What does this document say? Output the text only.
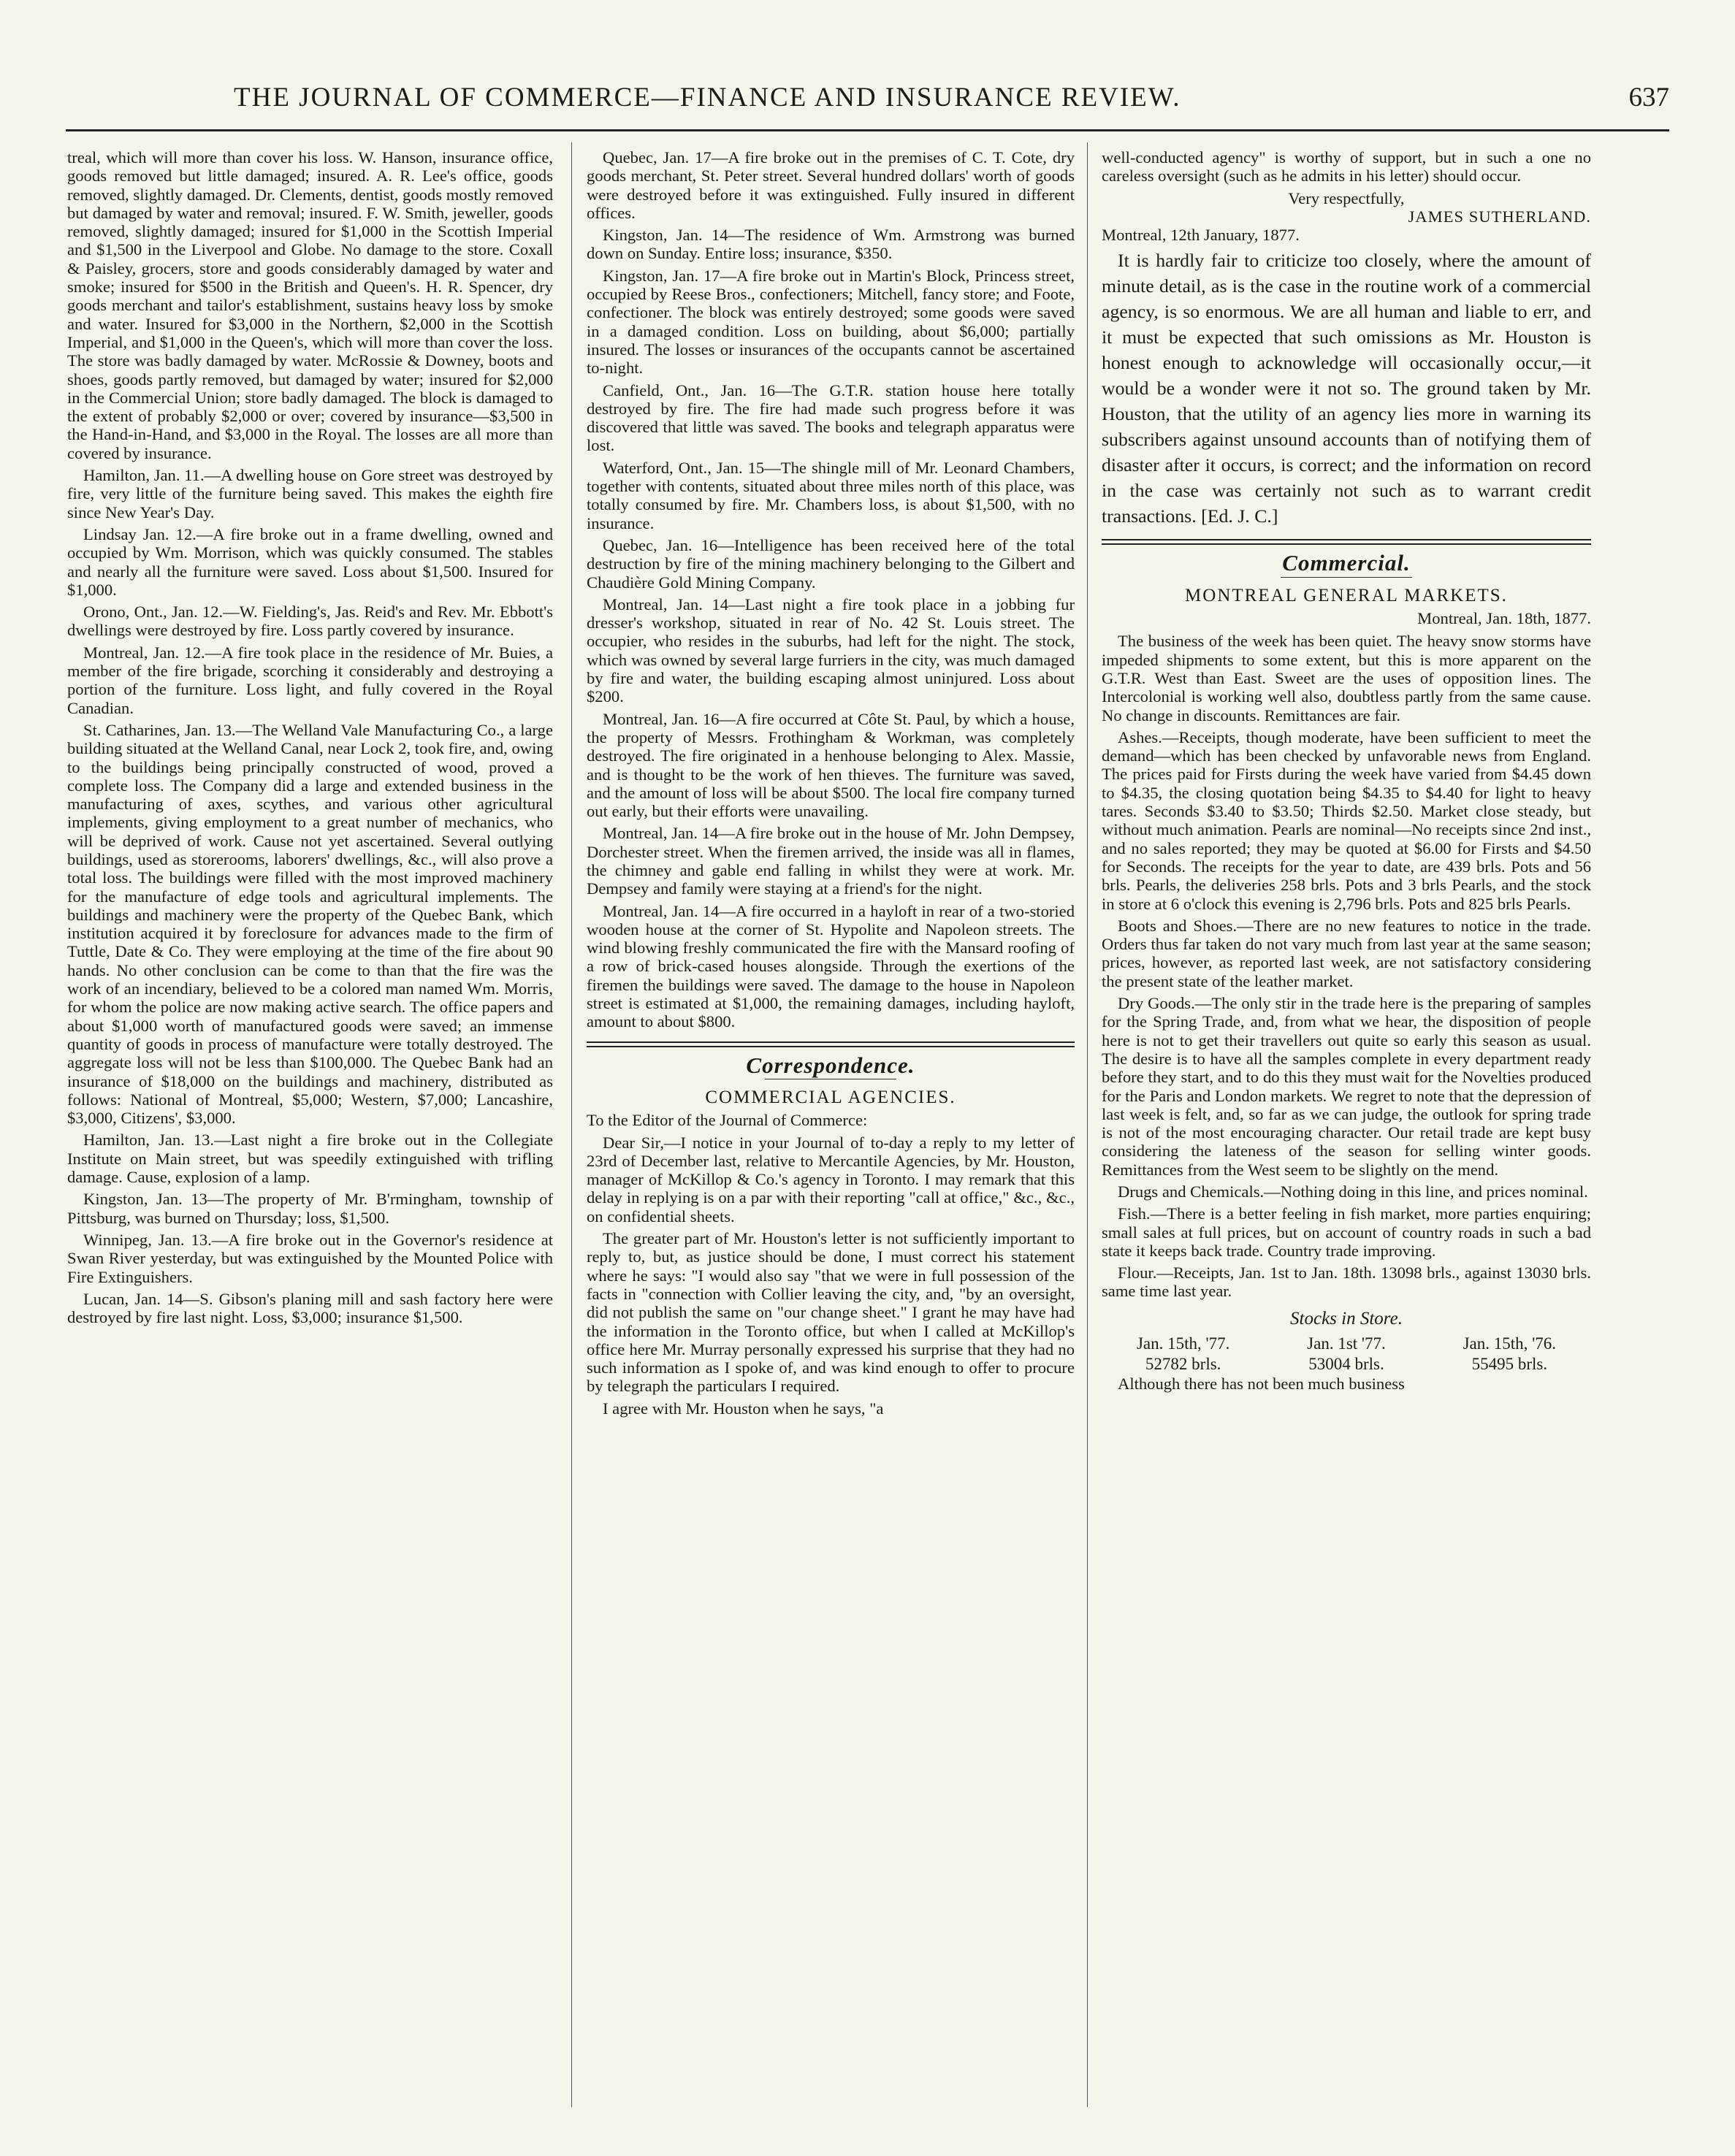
THE JOURNAL OF COMMERCE—FINANCE AND INSURANCE REVIEW.	637

treal, which will more than cover his loss. W. Hanson, insurance office, goods removed but little damaged; insured. A. R. Lee's office, goods removed, slightly damaged. Dr. Clements, dentist, goods mostly removed but damaged by water and removal; insured. F. W. Smith, jeweller, goods removed, slightly damaged; insured for $1,000 in the Scottish Imperial and $1,500 in the Liverpool and Globe. No damage to the store. Coxall & Paisley, grocers, store and goods considerably damaged by water and smoke; insured for $500 in the British and Queen's. H. R. Spencer, dry goods merchant and tailor's establishment, sustains heavy loss by smoke and water. Insured for $3,000 in the Northern, $2,000 in the Scottish Imperial, and $1,000 in the Queen's, which will more than cover the loss. The store was badly damaged by water. McRossie & Downey, boots and shoes, goods partly removed, but damaged by water; insured for $2,000 in the Commercial Union; store badly damaged. The block is damaged to the extent of probably $2,000 or over; covered by insurance—$3,500 in the Hand-in-Hand, and $3,000 in the Royal. The losses are all more than covered by insurance.

Hamilton, Jan. 11.—A dwelling house on Gore street was destroyed by fire, very little of the furniture being saved. This makes the eighth fire since New Year's Day.

Lindsay Jan. 12.—A fire broke out in a frame dwelling, owned and occupied by Wm. Morrison, which was quickly consumed. The stables and nearly all the furniture were saved. Loss about $1,500. Insured for $1,000.

Orono, Ont., Jan. 12.—W. Fielding's, Jas. Reid's and Rev. Mr. Ebbott's dwellings were destroyed by fire. Loss partly covered by insurance.

Montreal, Jan. 12.—A fire took place in the residence of Mr. Buies, a member of the fire brigade, scorching it considerably and destroying a portion of the furniture. Loss light, and fully covered in the Royal Canadian.

St. Catharines, Jan. 13.—The Welland Vale Manufacturing Co., a large building situated at the Welland Canal, near Lock 2, took fire, and, owing to the buildings being principally constructed of wood, proved a complete loss. The Company did a large and extended business in the manufacturing of axes, scythes, and various other agricultural implements, giving employment to a great number of mechanics, who will be deprived of work. Cause not yet ascertained. Several outlying buildings, used as storerooms, laborers' dwellings, &c., will also prove a total loss. The buildings were filled with the most improved machinery for the manufacture of edge tools and agricultural implements. The buildings and machinery were the property of the Quebec Bank, which institution acquired it by foreclosure for advances made to the firm of Tuttle, Date & Co. They were employing at the time of the fire about 90 hands. No other conclusion can be come to than that the fire was the work of an incendiary, believed to be a colored man named Wm. Morris, for whom the police are now making active search. The office papers and about $1,000 worth of manufactured goods were saved; an immense quantity of goods in process of manufacture were totally destroyed. The aggregate loss will not be less than $100,000. The Quebec Bank had an insurance of $18,000 on the buildings and machinery, distributed as follows: National of Montreal, $5,000; Western, $7,000; Lancashire, $3,000, Citizens', $3,000.

Hamilton, Jan. 13.—Last night a fire broke out in the Collegiate Institute on Main street, but was speedily extinguished with trifling damage. Cause, explosion of a lamp.

Kingston, Jan. 13—The property of Mr. B'rmingham, township of Pittsburg, was burned on Thursday; loss, $1,500.

Winnipeg, Jan. 13.—A fire broke out in the Governor's residence at Swan River yesterday, but was extinguished by the Mounted Police with Fire Extinguishers.

Lucan, Jan. 14—S. Gibson's planing mill and sash factory here were destroyed by fire last night. Loss, $3,000; insurance $1,500.

Quebec, Jan. 17—A fire broke out in the premises of C. T. Cote, dry goods merchant, St. Peter street. Several hundred dollars' worth of goods were destroyed before it was extinguished. Fully insured in different offices.

Kingston, Jan. 14—The residence of Wm. Armstrong was burned down on Sunday. Entire loss; insurance, $350.

Kingston, Jan. 17—A fire broke out in Martin's Block, Princess street, occupied by Reese Bros., confectioners; Mitchell, fancy store; and Foote, confectioner. The block was entirely destroyed; some goods were saved in a damaged condition. Loss on building, about $6,000; partially insured. The losses or insurances of the occupants cannot be ascertained to-night.

Canfield, Ont., Jan. 16—The G.T.R. station house here totally destroyed by fire. The fire had made such progress before it was discovered that little was saved. The books and telegraph apparatus were lost.

Waterford, Ont., Jan. 15—The shingle mill of Mr. Leonard Chambers, together with contents, situated about three miles north of this place, was totally consumed by fire. Mr. Chambers loss, is about $1,500, with no insurance.

Quebec, Jan. 16—Intelligence has been received here of the total destruction by fire of the mining machinery belonging to the Gilbert and Chaudière Gold Mining Company.

Montreal, Jan. 14—Last night a fire took place in a jobbing fur dresser's workshop, situated in rear of No. 42 St. Louis street. The occupier, who resides in the suburbs, had left for the night. The stock, which was owned by several large furriers in the city, was much damaged by fire and water, the building escaping almost uninjured. Loss about $200.

Montreal, Jan. 16—A fire occurred at Côte St. Paul, by which a house, the property of Messrs. Frothingham & Workman, was completely destroyed. The fire originated in a henhouse belonging to Alex. Massie, and is thought to be the work of hen thieves. The furniture was saved, and the amount of loss will be about $500. The local fire company turned out early, but their efforts were unavailing.

Montreal, Jan. 14—A fire broke out in the house of Mr. John Dempsey, Dorchester street. When the firemen arrived, the inside was all in flames, the chimney and gable end falling in whilst they were at work. Mr. Dempsey and family were staying at a friend's for the night.

Montreal, Jan. 14—A fire occurred in a hayloft in rear of a two-storied wooden house at the corner of St. Hypolite and Napoleon streets. The wind blowing freshly communicated the fire with the Mansard roofing of a row of brick-cased houses alongside. Through the exertions of the firemen the buildings were saved. The damage to the house in Napoleon street is estimated at $1,000, the remaining damages, including hayloft, amount to about $800.

Correspondence.
COMMERCIAL AGENCIES.

To the Editor of the Journal of Commerce:

Dear Sir,—I notice in your Journal of to-day a reply to my letter of 23rd of December last, relative to Mercantile Agencies, by Mr. Houston, manager of McKillop & Co.'s agency in Toronto. I may remark that this delay in replying is on a par with their reporting "call at office," &c., &c., on confidential sheets.

The greater part of Mr. Houston's letter is not sufficiently important to reply to, but, as justice should be done, I must correct his statement where he says: "I would also say "that we were in full possession of the facts in "connection with Collier leaving the city, and, "by an oversight, did not publish the same on "our change sheet." I grant he may have had the information in the Toronto office, but when I called at McKillop's office here Mr. Murray personally expressed his surprise that they had no such information as I spoke of, and was kind enough to offer to procure by telegraph the particulars I required.

I agree with Mr. Houston when he says, "a

well-conducted agency" is worthy of support, but in such a one no careless oversight (such as he admits in his letter) should occur.

Very respectfully,
JAMES SUTHERLAND.

Montreal, 12th January, 1877.

It is hardly fair to criticize too closely, where the amount of minute detail, as is the case in the routine work of a commercial agency, is so enormous. We are all human and liable to err, and it must be expected that such omissions as Mr. Houston is honest enough to acknowledge will occasionally occur,—it would be a wonder were it not so. The ground taken by Mr. Houston, that the utility of an agency lies more in warning its subscribers against unsound accounts than of notifying them of disaster after it occurs, is correct; and the information on record in the case was certainly not such as to warrant credit transactions. [Ed. J. C.]

Commercial.
MONTREAL GENERAL MARKETS.
Montreal, Jan. 18th, 1877.

The business of the week has been quiet. The heavy snow storms have impeded shipments to some extent, but this is more apparent on the G.T.R. West than East. Sweet are the uses of opposition lines. The Intercolonial is working well also, doubtless partly from the same cause. No change in discounts. Remittances are fair.

Ashes.—Receipts, though moderate, have been sufficient to meet the demand—which has been checked by unfavorable news from England. The prices paid for Firsts during the week have varied from $4.45 down to $4.35, the closing quotation being $4.35 to $4.40 for light to heavy tares. Seconds $3.40 to $3.50; Thirds $2.50. Market close steady, but without much animation. Pearls are nominal—No receipts since 2nd inst., and no sales reported; they may be quoted at $6.00 for Firsts and $4.50 for Seconds. The receipts for the year to date, are 439 brls. Pots and 56 brls. Pearls, the deliveries 258 brls. Pots and 3 brls Pearls, and the stock in store at 6 o'clock this evening is 2,796 brls. Pots and 825 brls Pearls.

Boots and Shoes.—There are no new features to notice in the trade. Orders thus far taken do not vary much from last year at the same season; prices, however, as reported last week, are not satisfactory considering the present state of the leather market.

Dry Goods.—The only stir in the trade here is the preparing of samples for the Spring Trade, and, from what we hear, the disposition of people here is not to get their travellers out quite so early this season as usual. The desire is to have all the samples complete in every department ready before they start, and to do this they must wait for the Novelties produced for the Paris and London markets. We regret to note that the depression of last week is felt, and, so far as we can judge, the outlook for spring trade is not of the most encouraging character. Our retail trade are kept busy considering the lateness of the season for selling winter goods. Remittances from the West seem to be slightly on the mend.

Drugs and Chemicals.—Nothing doing in this line, and prices nominal.

Fish.—There is a better feeling in fish market, more parties enquiring; small sales at full prices, but on account of country roads in such a bad state it keeps back trade. Country trade improving.

Flour.—Receipts, Jan. 1st to Jan. 18th. 13098 brls., against 13030 brls. same time last year.

Stocks in Store.
Jan. 15th, '77.	Jan. 1st '77.	Jan. 15th, '76.
52782 brls.	53004 brls.	55495 brls.

Although there has not been much business
